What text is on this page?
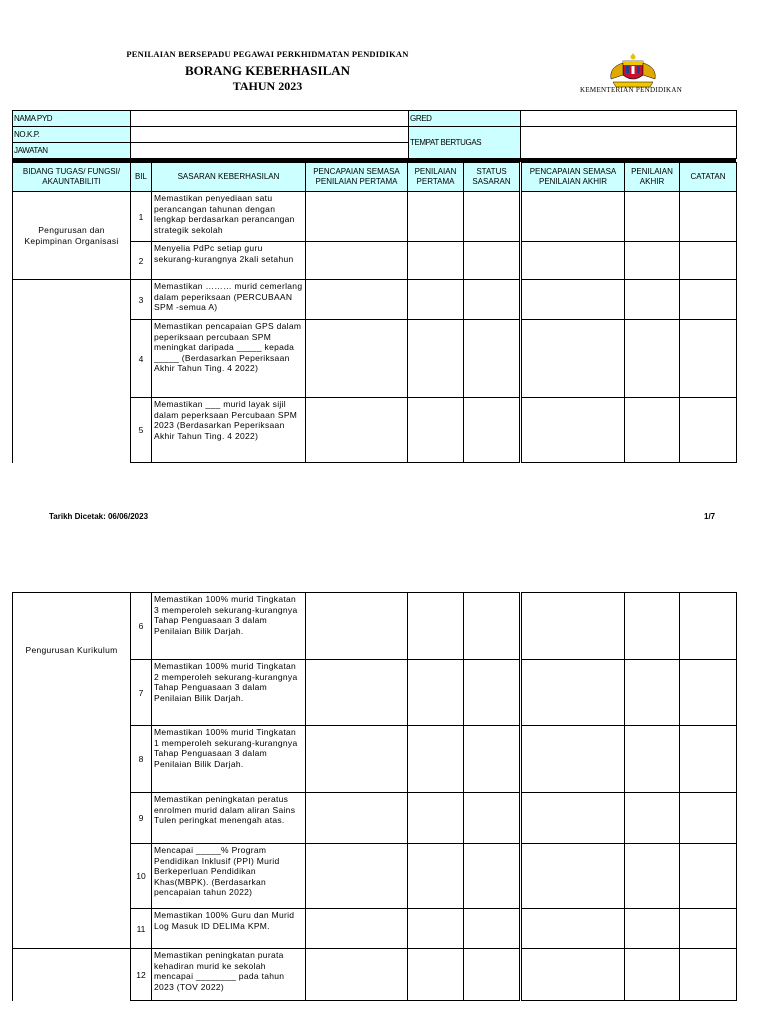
PENILAIAN BERSEPADU PEGAWAI PERKHIDMATAN PENDIDIKAN
BORANG KEBERHASILAN
TAHUN 2023	KEMENTERIAN PENDIDIKAN
NAMA PYD		GRED	
NO.K.P.		TEMPAT BERTUGAS	
JAWATAN			
BIDANG TUGAS/ FUNGSI/ AKAUNTABILITI	BIL	SASARAN KEBERHASILAN	PENCAPAIAN SEMASA PENILAIAN PERTAMA	PENILAIAN PERTAMA	STATUS SASARAN	PENCAPAIAN SEMASA PENILAIAN AKHIR	PENILAIAN AKHIR	CATATAN
Pengurusan dan Kepimpinan Organisasi	1	Memastikan penyediaan satu perancangan tahunan dengan lengkap berdasarkan perancangan strategik sekolah						
	2	Menyelia PdPc setiap guru sekurang-kurangnya 2kali setahun						
	3	Memastikan ……… murid cemerlang dalam peperiksaan (PERCUBAAN SPM -semua A)						
	4	Memastikan pencapaian GPS dalam peperiksaan percubaan SPM meningkat daripada _____ kepada _____ (Berdasarkan Peperiksaan Akhir Tahun Ting. 4 2022)						
	5	Memastikan ___ murid layak sijil dalam peperksaan Percubaan SPM 2023 (Berdasarkan Peperiksaan Akhir Tahun Ting. 4 2022)						
Tarikh Dicetak: 06/06/2023	1/7
Pengurusan Kurikulum	6	Memastikan 100% murid Tingkatan 3 memperoleh sekurang-kurangnya Tahap Penguasaan 3 dalam Penilaian Bilik Darjah.						
	7	Memastikan 100% murid Tingkatan 2 memperoleh sekurang-kurangnya Tahap Penguasaan 3 dalam Penilaian Bilik Darjah.						
	8	Memastikan 100% murid Tingkatan 1 memperoleh sekurang-kurangnya Tahap Penguasaan 3 dalam Penilaian Bilik Darjah.						
	9	Memastikan peningkatan peratus enrolmen murid dalam aliran Sains Tulen peringkat menengah atas.						
	10	Mencapai _____% Program Pendidikan Inklusif (PPI) Murid Berkeperluan Pendidikan Khas(MBPK). (Berdasarkan pencapaian tahun 2022)						
	11	Memastikan 100% Guru dan Murid Log Masuk ID DELIMa KPM.						
	12	Memastikan peningkatan purata kehadiran murid ke sekolah mencapai ________ pada tahun 2023 (TOV 2022)						
